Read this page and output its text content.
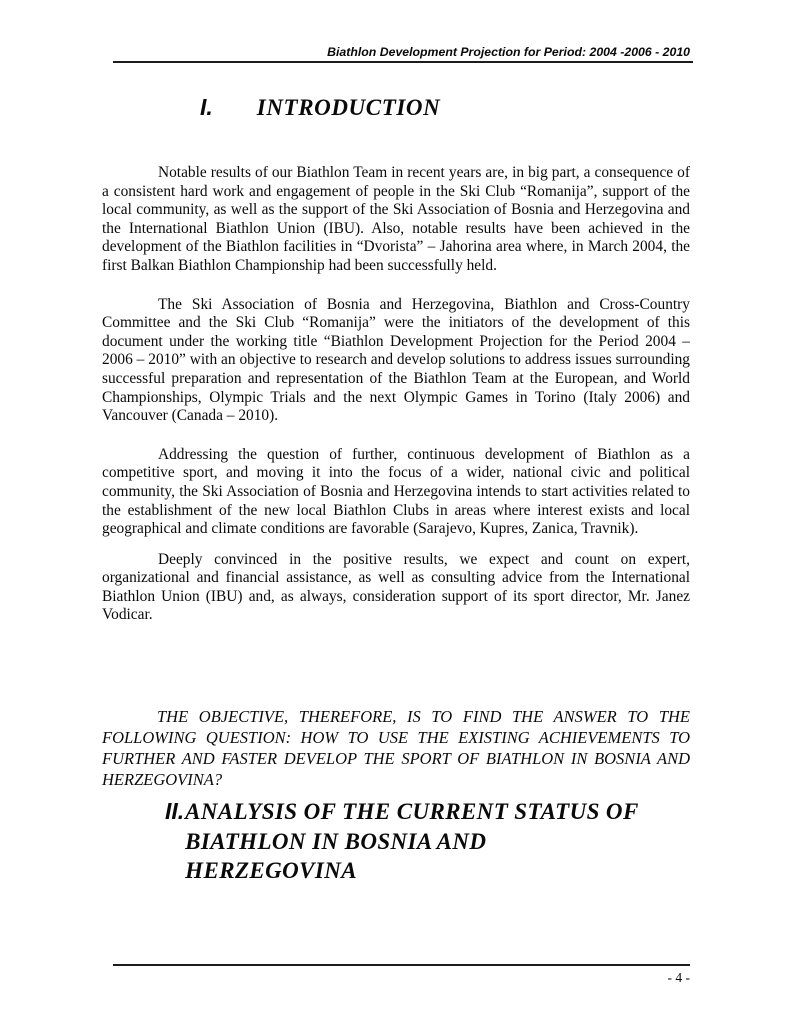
Biathlon Development Projection for Period: 2004 -2006 - 2010
I. INTRODUCTION

Notable results of our Biathlon Team in recent years are, in big part, a consequence of a consistent hard work and engagement of people in the Ski Club “Romanija”, support of the local community, as well as the support of the Ski Association of Bosnia and Herzegovina and the International Biathlon Union (IBU). Also, notable results have been achieved in the development of the Biathlon facilities in “Dvorista” – Jahorina area where, in March 2004, the first Balkan Biathlon Championship had been successfully held.

The Ski Association of Bosnia and Herzegovina, Biathlon and Cross-Country Committee and the Ski Club “Romanija” were the initiators of the development of this document under the working title “Biathlon Development Projection for the Period 2004 – 2006 – 2010” with an objective to research and develop solutions to address issues surrounding successful preparation and representation of the Biathlon Team at the European, and World Championships, Olympic Trials and the next Olympic Games in Torino (Italy 2006) and Vancouver (Canada – 2010).

Addressing the question of further, continuous development of Biathlon as a competitive sport, and moving it into the focus of a wider, national civic and political community, the Ski Association of Bosnia and Herzegovina intends to start activities related to the establishment of the new local Biathlon Clubs in areas where interest exists and local geographical and climate conditions are favorable (Sarajevo, Kupres, Zanica, Travnik).

Deeply convinced in the positive results, we expect and count on expert, organizational and financial assistance, as well as consulting advice from the International Biathlon Union (IBU) and, as always, consideration support of its sport director, Mr. Janez Vodicar.

THE OBJECTIVE, THEREFORE, IS TO FIND THE ANSWER TO THE FOLLOWING QUESTION: HOW TO USE THE EXISTING ACHIEVEMENTS TO FURTHER AND FASTER DEVELOP THE SPORT OF BIATHLON IN BOSNIA AND HERZEGOVINA?

II. ANALYSIS OF THE CURRENT STATUS OF BIATHLON IN BOSNIA AND HERZEGOVINA
- 4 -
